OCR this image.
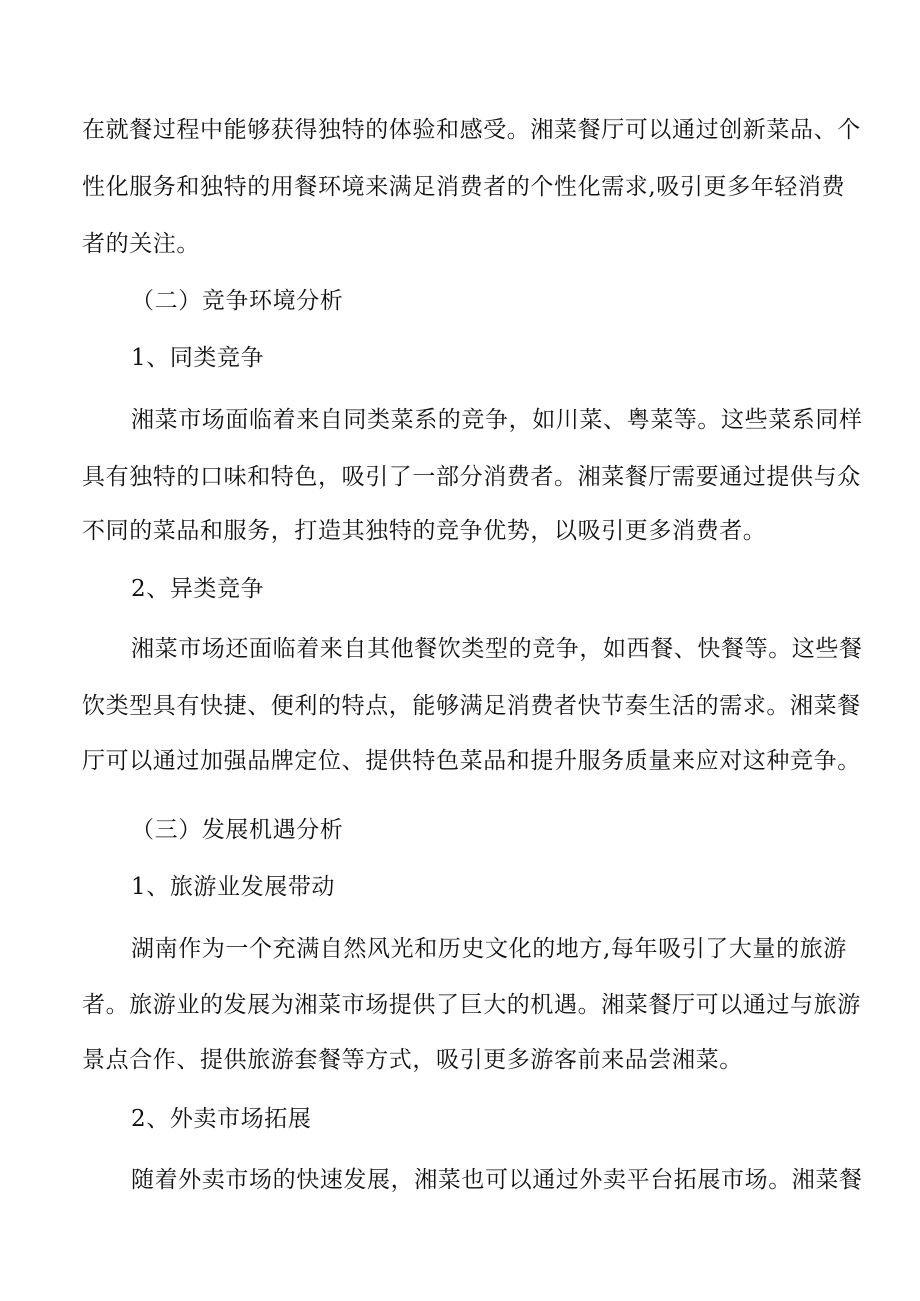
在就餐过程中能够获得独特的体验和感受。湘菜餐厅可以通过创新菜品、个
性化服务和独特的用餐环境来满足消费者的个性化需求,吸引更多年轻消费
者的关注。
（二）竞争环境分析
1、同类竞争
湘菜市场面临着来自同类菜系的竞争，如川菜、粤菜等。这些菜系同样
具有独特的口味和特色，吸引了一部分消费者。湘菜餐厅需要通过提供与众
不同的菜品和服务，打造其独特的竞争优势，以吸引更多消费者。
2、异类竞争
湘菜市场还面临着来自其他餐饮类型的竞争，如西餐、快餐等。这些餐
饮类型具有快捷、便利的特点，能够满足消费者快节奏生活的需求。湘菜餐
厅可以通过加强品牌定位、提供特色菜品和提升服务质量来应对这种竞争。
（三）发展机遇分析
1、旅游业发展带动
湖南作为一个充满自然风光和历史文化的地方,每年吸引了大量的旅游
者。旅游业的发展为湘菜市场提供了巨大的机遇。湘菜餐厅可以通过与旅游
景点合作、提供旅游套餐等方式，吸引更多游客前来品尝湘菜。
2、外卖市场拓展
随着外卖市场的快速发展，湘菜也可以通过外卖平台拓展市场。湘菜餐
